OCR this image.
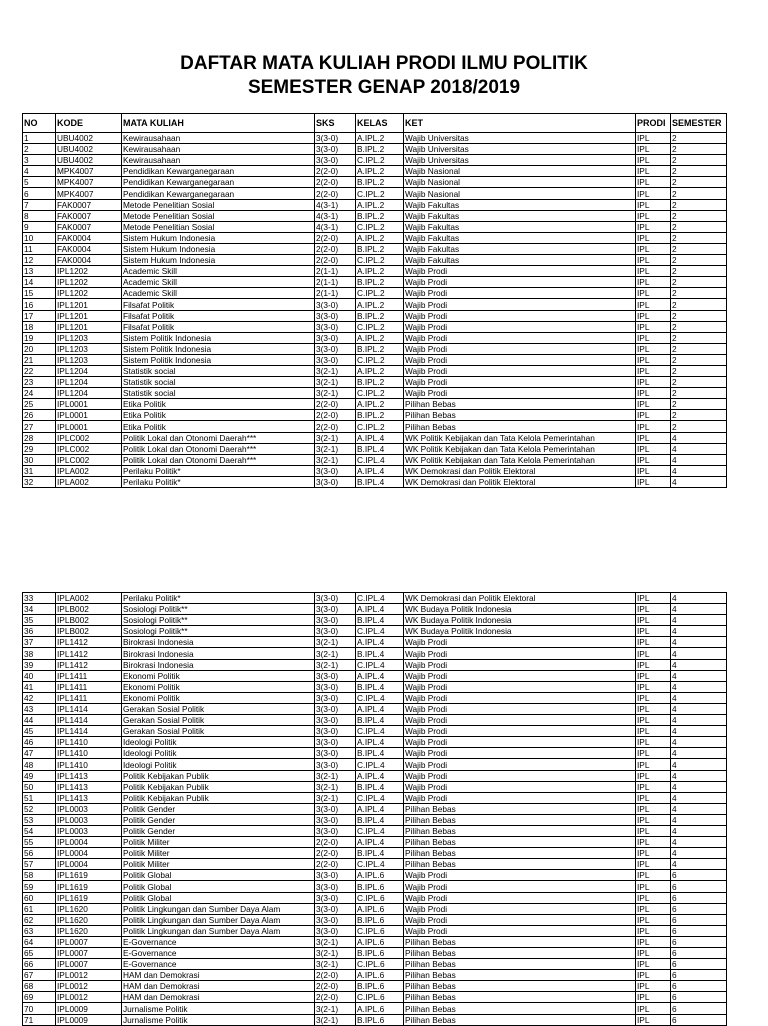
DAFTAR MATA KULIAH PRODI ILMU POLITIK
SEMESTER GENAP 2018/2019
NO	KODE	MATA KULIAH	SKS	KELAS	KET	PRODI	SEMESTER
1	UBU4002	Kewirausahaan	3(3-0)	A.IPL.2	Wajib Universitas	IPL	2
2	UBU4002	Kewirausahaan	3(3-0)	B.IPL.2	Wajib Universitas	IPL	2
3	UBU4002	Kewirausahaan	3(3-0)	C.IPL.2	Wajib Universitas	IPL	2
4	MPK4007	Pendidikan Kewarganegaraan	2(2-0)	A.IPL.2	Wajib Nasional	IPL	2
5	MPK4007	Pendidikan Kewarganegaraan	2(2-0)	B.IPL.2	Wajib Nasional	IPL	2
6	MPK4007	Pendidikan Kewarganegaraan	2(2-0)	C.IPL.2	Wajib Nasional	IPL	2
7	FAK0007	Metode Penelitian Sosial	4(3-1)	A.IPL.2	Wajib Fakultas	IPL	2
8	FAK0007	Metode Penelitian Sosial	4(3-1)	B.IPL.2	Wajib Fakultas	IPL	2
9	FAK0007	Metode Penelitian Sosial	4(3-1)	C.IPL.2	Wajib Fakultas	IPL	2
10	FAK0004	Sistem Hukum Indonesia	2(2-0)	A.IPL.2	Wajib Fakultas	IPL	2
11	FAK0004	Sistem Hukum Indonesia	2(2-0)	B.IPL.2	Wajib Fakultas	IPL	2
12	FAK0004	Sistem Hukum Indonesia	2(2-0)	C.IPL.2	Wajib Fakultas	IPL	2
13	IPL1202	Academic Skill	2(1-1)	A.IPL.2	Wajib Prodi	IPL	2
14	IPL1202	Academic Skill	2(1-1)	B.IPL.2	Wajib Prodi	IPL	2
15	IPL1202	Academic Skill	2(1-1)	C.IPL.2	Wajib Prodi	IPL	2
16	IPL1201	Filsafat Politik	3(3-0)	A.IPL.2	Wajib Prodi	IPL	2
17	IPL1201	Filsafat Politik	3(3-0)	B.IPL.2	Wajib Prodi	IPL	2
18	IPL1201	Filsafat Politik	3(3-0)	C.IPL.2	Wajib Prodi	IPL	2
19	IPL1203	Sistem Politik Indonesia	3(3-0)	A.IPL.2	Wajib Prodi	IPL	2
20	IPL1203	Sistem Politik Indonesia	3(3-0)	B.IPL.2	Wajib Prodi	IPL	2
21	IPL1203	Sistem Politik Indonesia	3(3-0)	C.IPL.2	Wajib Prodi	IPL	2
22	IPL1204	Statistik social	3(2-1)	A.IPL.2	Wajib Prodi	IPL	2
23	IPL1204	Statistik social	3(2-1)	B.IPL.2	Wajib Prodi	IPL	2
24	IPL1204	Statistik social	3(2-1)	C.IPL.2	Wajib Prodi	IPL	2
25	IPL0001	Etika Politik	2(2-0)	A.IPL.2	Pilihan Bebas	IPL	2
26	IPL0001	Etika Politik	2(2-0)	B.IPL.2	Pilihan Bebas	IPL	2
27	IPL0001	Etika Politik	2(2-0)	C.IPL.2	Pilihan Bebas	IPL	2
28	IPLC002	Politik Lokal dan Otonomi Daerah***	3(2-1)	A.IPL.4	WK Politik Kebijakan dan Tata Kelola Pemerintahan	IPL	4
29	IPLC002	Politik Lokal dan Otonomi Daerah***	3(2-1)	B.IPL.4	WK Politik Kebijakan dan Tata Kelola Pemerintahan	IPL	4
30	IPLC002	Politik Lokal dan Otonomi Daerah***	3(2-1)	C.IPL.4	WK Politik Kebijakan dan Tata Kelola Pemerintahan	IPL	4
31	IPLA002	Perilaku Politik*	3(3-0)	A.IPL.4	WK Demokrasi dan Politik Elektoral	IPL	4
32	IPLA002	Perilaku Politik*	3(3-0)	B.IPL.4	WK Demokrasi dan Politik Elektoral	IPL	4
33	IPLA002	Perilaku Politik*	3(3-0)	C.IPL.4	WK Demokrasi dan Politik Elektoral	IPL	4
34	IPLB002	Sosiologi Politik**	3(3-0)	A.IPL.4	WK Budaya Politik Indonesia	IPL	4
35	IPLB002	Sosiologi Politik**	3(3-0)	B.IPL.4	WK Budaya Politik Indonesia	IPL	4
36	IPLB002	Sosiologi Politik**	3(3-0)	C.IPL.4	WK Budaya Politik Indonesia	IPL	4
37	IPL1412	Birokrasi Indonesia	3(2-1)	A.IPL.4	Wajib Prodi	IPL	4
38	IPL1412	Birokrasi Indonesia	3(2-1)	B.IPL.4	Wajib Prodi	IPL	4
39	IPL1412	Birokrasi Indonesia	3(2-1)	C.IPL.4	Wajib Prodi	IPL	4
40	IPL1411	Ekonomi Politik	3(3-0)	A.IPL.4	Wajib Prodi	IPL	4
41	IPL1411	Ekonomi Politik	3(3-0)	B.IPL.4	Wajib Prodi	IPL	4
42	IPL1411	Ekonomi Politik	3(3-0)	C.IPL.4	Wajib Prodi	IPL	4
43	IPL1414	Gerakan Sosial Politik	3(3-0)	A.IPL.4	Wajib Prodi	IPL	4
44	IPL1414	Gerakan Sosial Politik	3(3-0)	B.IPL.4	Wajib Prodi	IPL	4
45	IPL1414	Gerakan Sosial Politik	3(3-0)	C.IPL.4	Wajib Prodi	IPL	4
46	IPL1410	Ideologi Politik	3(3-0)	A.IPL.4	Wajib Prodi	IPL	4
47	IPL1410	Ideologi Politik	3(3-0)	B.IPL.4	Wajib Prodi	IPL	4
48	IPL1410	Ideologi Politik	3(3-0)	C.IPL.4	Wajib Prodi	IPL	4
49	IPL1413	Politik Kebijakan Publik	3(2-1)	A.IPL.4	Wajib Prodi	IPL	4
50	IPL1413	Politik Kebijakan Publik	3(2-1)	B.IPL.4	Wajib Prodi	IPL	4
51	IPL1413	Politik Kebijakan Publik	3(2-1)	C.IPL.4	Wajib Prodi	IPL	4
52	IPL0003	Politik Gender	3(3-0)	A.IPL.4	Pilihan Bebas	IPL	4
53	IPL0003	Politik Gender	3(3-0)	B.IPL.4	Pilihan Bebas	IPL	4
54	IPL0003	Politik Gender	3(3-0)	C.IPL.4	Pilihan Bebas	IPL	4
55	IPL0004	Politik Militer	2(2-0)	A.IPL.4	Pilihan Bebas	IPL	4
56	IPL0004	Politik Militer	2(2-0)	B.IPL.4	Pilihan Bebas	IPL	4
57	IPL0004	Politik Militer	2(2-0)	C.IPL.4	Pilihan Bebas	IPL	4
58	IPL1619	Politik Global	3(3-0)	A.IPL.6	Wajib Prodi	IPL	6
59	IPL1619	Politik Global	3(3-0)	B.IPL.6	Wajib Prodi	IPL	6
60	IPL1619	Politik Global	3(3-0)	C.IPL.6	Wajib Prodi	IPL	6
61	IPL1620	Politik Lingkungan dan Sumber Daya Alam	3(3-0)	A.IPL.6	Wajib Prodi	IPL	6
62	IPL1620	Politik Lingkungan dan Sumber Daya Alam	3(3-0)	B.IPL.6	Wajib Prodi	IPL	6
63	IPL1620	Politik Lingkungan dan Sumber Daya Alam	3(3-0)	C.IPL.6	Wajib Prodi	IPL	6
64	IPL0007	E-Governance	3(2-1)	A.IPL.6	Pilihan Bebas	IPL	6
65	IPL0007	E-Governance	3(2-1)	B.IPL.6	Pilihan Bebas	IPL	6
66	IPL0007	E-Governance	3(2-1)	C.IPL.6	Pilihan Bebas	IPL	6
67	IPL0012	HAM dan Demokrasi	2(2-0)	A.IPL.6	Pilihan Bebas	IPL	6
68	IPL0012	HAM dan Demokrasi	2(2-0)	B.IPL.6	Pilihan Bebas	IPL	6
69	IPL0012	HAM dan Demokrasi	2(2-0)	C.IPL.6	Pilihan Bebas	IPL	6
70	IPL0009	Jurnalisme Politik	3(2-1)	A.IPL.6	Pilihan Bebas	IPL	6
71	IPL0009	Jurnalisme Politik	3(2-1)	B.IPL.6	Pilihan Bebas	IPL	6
